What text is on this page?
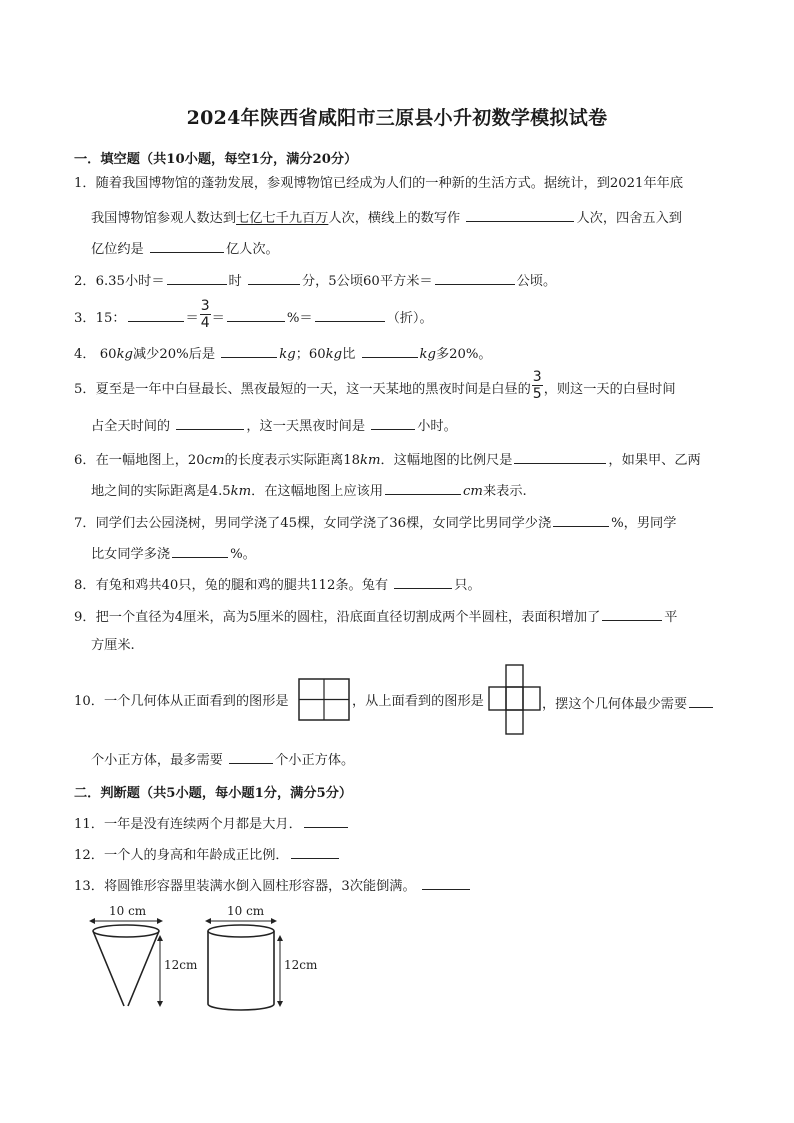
2024年陕西省咸阳市三原县小升初数学模拟试卷
一．填空题（共10小题，每空1分，满分20分）
1．随着我国博物馆的蓬勃发展，参观博物馆已经成为人们的一种新的生活方式。据统计，到2021年年底
我国博物馆参观人数达到七亿七千九百万人次，横线上的数写作	人次，四舍五入到
亿位约是	亿人次。
2．6.35小时＝	时	分，5公顷60平方米＝	公顷。
3．15：	＝ $\frac{3}{4}$ ＝	%＝	（折）。
4． 60kg减少20%后是	kg；60kg比	kg多20%。
5．夏至是一年中白昼最长、黑夜最短的一天，这一天某地的黑夜时间是白昼的 $\frac{3}{5}$ ，则这一天的白昼时间
占全天时间的	，这一天黑夜时间是	小时。
6．在一幅地图上，20cm的长度表示实际距离18km．这幅地图的比例尺是	，如果甲、乙两
地之间的实际距离是4.5km．在这幅地图上应该用	cm来表示.
7．同学们去公园浇树，男同学浇了45棵，女同学浇了36棵，女同学比男同学少浇	%，男同学
比女同学多浇	%。
8．有兔和鸡共40只，兔的腿和鸡的腿共112条。兔有	只。
9．把一个直径为4厘米，高为5厘米的圆柱，沿底面直径切割成两个半圆柱，表面积增加了	平
方厘米.
10．一个几何体从正面看到的图形是	，从上面看到的图形是	，摆这个几何体最少需要
个小正方体，最多需要	个小正方体。
二．判断题（共5小题，每小题1分，满分5分）
11．一年是没有连续两个月都是大月．
12．一个人的身高和年龄成正比例．
13．将圆锥形容器里装满水倒入圆柱形容器，3次能倒满。
10 cm
12cm
10 cm
12cm
